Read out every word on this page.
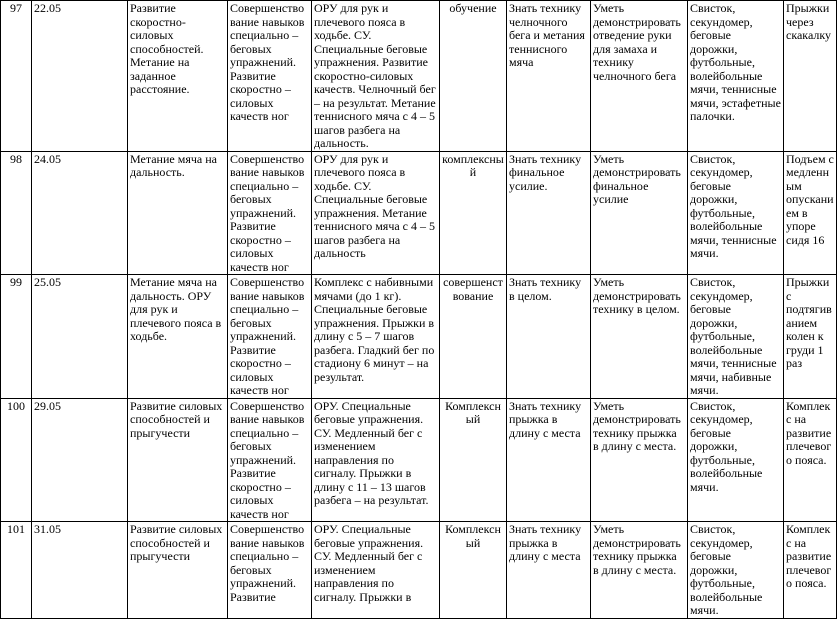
97	22.05	Развитие скоростно-силовых способностей. Метание на заданное расстояние.	Совершенствование навыков специально – беговых упражнений. Развитие скоростно – силовых качеств ног	ОРУ для рук и плечевого пояса в ходьбе. СУ. Специальные беговые упражнения. Развитие скоростно-силовых качеств. Челночный бег – на результат. Метание теннисного мяча с 4 – 5 шагов разбега на дальность.	обучение	Знать технику челночного бега и метания теннисного мяча	Уметь демонстрировать отведение руки для замаха и технику челночного бега	Свисток, секундомер, беговые дорожки, футбольные, волейбольные мячи, теннисные мячи, эстафетные палочки.	Прыжки через скакалку
98	24.05	Метание мяча на дальность.	Совершенствование навыков специально – беговых упражнений. Развитие скоростно – силовых качеств ног	ОРУ для рук и плечевого пояса в ходьбе. СУ. Специальные беговые упражнения. Метание теннисного мяча с 4 – 5 шагов разбега на дальность	комплексный	Знать технику финальное усилие.	Уметь демонстрировать финальное усилие	Свисток, секундомер, беговые дорожки, футбольные, волейбольные мячи, теннисные мячи.	Подъем с медленным опусканием в упоре сидя 16
99	25.05	Метание мяча на дальность. ОРУ для рук и плечевого пояса в ходьбе.	Совершенствование навыков специально – беговых упражнений. Развитие скоростно – силовых качеств ног	Комплекс с набивными мячами (до 1 кг). Специальные беговые упражнения. Прыжки в длину с 5 – 7 шагов разбега. Гладкий бег по стадиону 6 минут – на результат.	совершенствование	Знать технику в целом.	Уметь демонстрировать технику в целом.	Свисток, секундомер, беговые дорожки, футбольные, волейбольные мячи, теннисные мячи, набивные мячи.	Прыжки с подтягиванием колен к груди 1 раз
100	29.05	Развитие силовых способностей и прыгучести	Совершенствование навыков специально – беговых упражнений. Развитие скоростно – силовых качеств ног	ОРУ. Специальные беговые упражнения. СУ. Медленный бег с изменением направления по сигналу. Прыжки в длину с 11 – 13 шагов разбега – на результат.	Комплексный	Знать технику прыжка в длину с места	Уметь демонстрировать технику прыжка в длину с места.	Свисток, секундомер, беговые дорожки, футбольные, волейбольные мячи.	Комплекс на развитие плечевого пояса.
101	31.05	Развитие силовых способностей и прыгучести	Совершенствование навыков специально – беговых упражнений. Развитие	ОРУ. Специальные беговые упражнения. СУ. Медленный бег с изменением направления по сигналу. Прыжки в	Комплексный	Знать технику прыжка в длину с места	Уметь демонстрировать технику прыжка в длину с места.	Свисток, секундомер, беговые дорожки, футбольные, волейбольные мячи.	Комплекс на развитие плечевого пояса.
